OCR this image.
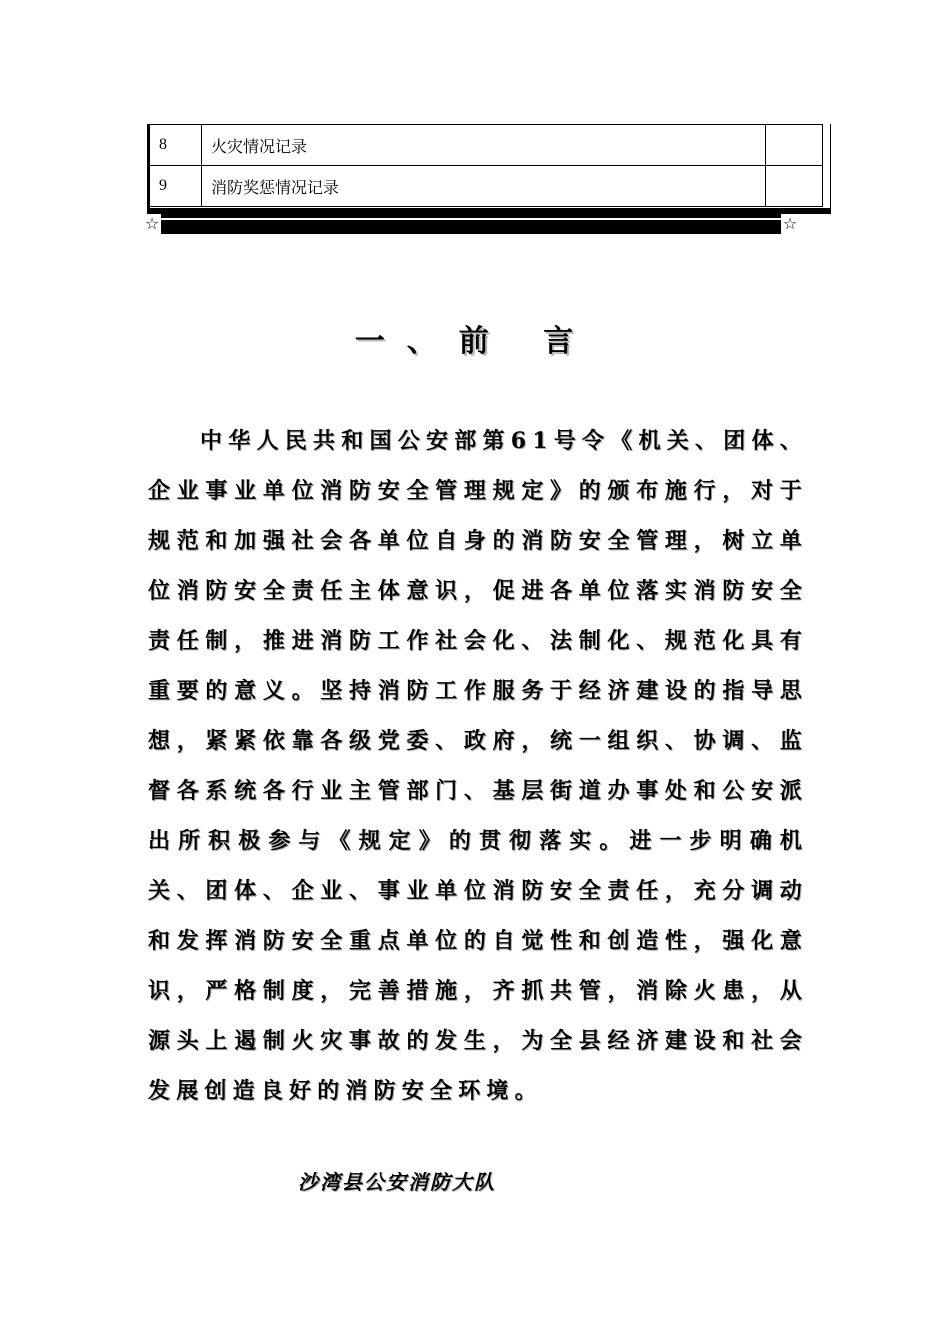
8	火灾情况记录	
9	消防奖惩情况记录	
☆	☆
一、前 言
中华人民共和国公安部第61号令《机关、团体、企业事业单位消防安全管理规定》的颁布施行，对于规范和加强社会各单位自身的消防安全管理，树立单位消防安全责任主体意识，促进各单位落实消防安全责任制，推进消防工作社会化、法制化、规范化具有重要的意义。坚持消防工作服务于经济建设的指导思想，紧紧依靠各级党委、政府，统一组织、协调、监督各系统各行业主管部门、基层街道办事处和公安派出所积极参与《规定》的贯彻落实。进一步明确机关、团体、企业、事业单位消防安全责任，充分调动和发挥消防安全重点单位的自觉性和创造性，强化意识，严格制度，完善措施，齐抓共管，消除火患，从源头上遏制火灾事故的发生，为全县经济建设和社会发展创造良好的消防安全环境。
沙湾县公安消防大队
